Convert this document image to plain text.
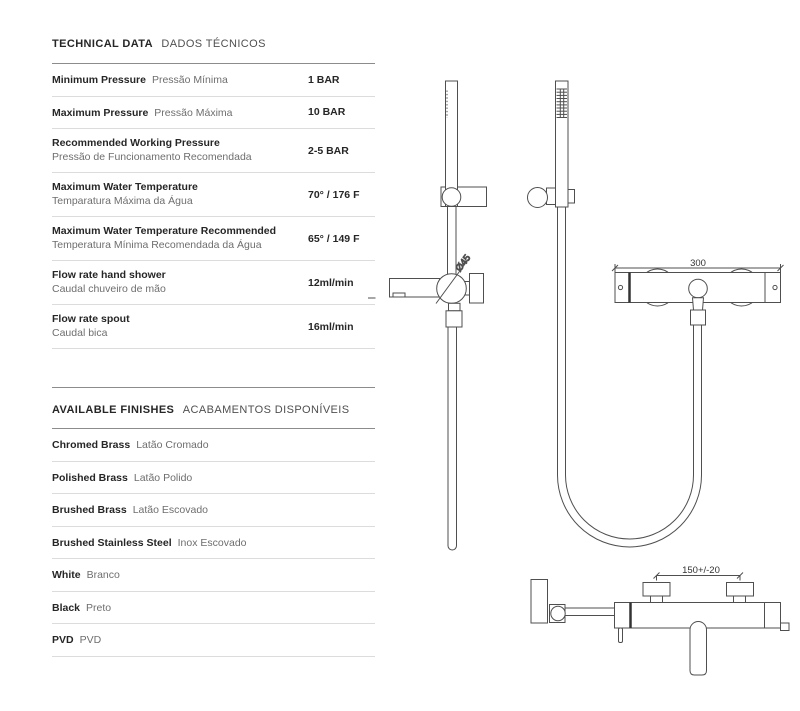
TECHNICAL DATA DADOS TÉCNICOS
Minimum Pressure Pressão Mínima	1 BAR
Maximum Pressure Pressão Máxima	10 BAR
Recommended Working Pressure
Pressão de Funcionamento Recomendada	2-5 BAR
Maximum Water Temperature
Temparatura Máxima da Água	70° / 176 F
Maximum Water Temperature Recommended
Temperatura Mínima Recomendada da Água	65° / 149 F
Flow rate hand shower
Caudal chuveiro de mão	12ml/min
Flow rate spout
Caudal bica	16ml/min
AVAILABLE FINISHES ACABAMENTOS DISPONÍVEIS
Chromed Brass Latão Cromado
Polished Brass Latão Polido
Brushed Brass Latão Escovado
Brushed Stainless Steel Inox Escovado
White Branco
Black Preto
PVD PVD
Ø45	300
150+/-20
